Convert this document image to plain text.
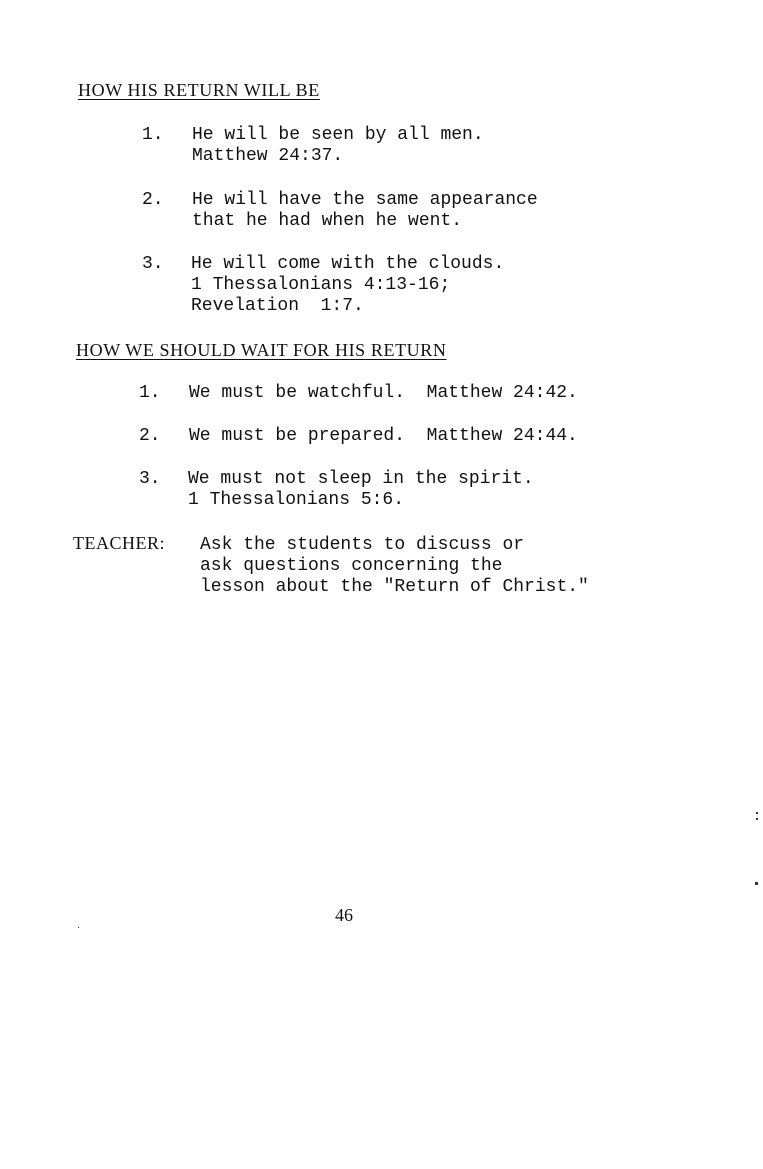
HOW HIS RETURN WILL BE
1. He will be seen by all men.
Matthew 24:37.
2. He will have the same appearance
that he had when he went.
3. He will come with the clouds.
1 Thessalonians 4:13-16;
Revelation  1:7.
HOW WE SHOULD WAIT FOR HIS RETURN
1. We must be watchful.  Matthew 24:42.
2. We must be prepared.  Matthew 24:44.
3. We must not sleep in the spirit.
1 Thessalonians 5:6.
TEACHER: Ask the students to discuss or
ask questions concerning the
lesson about the "Return of Christ."
46
